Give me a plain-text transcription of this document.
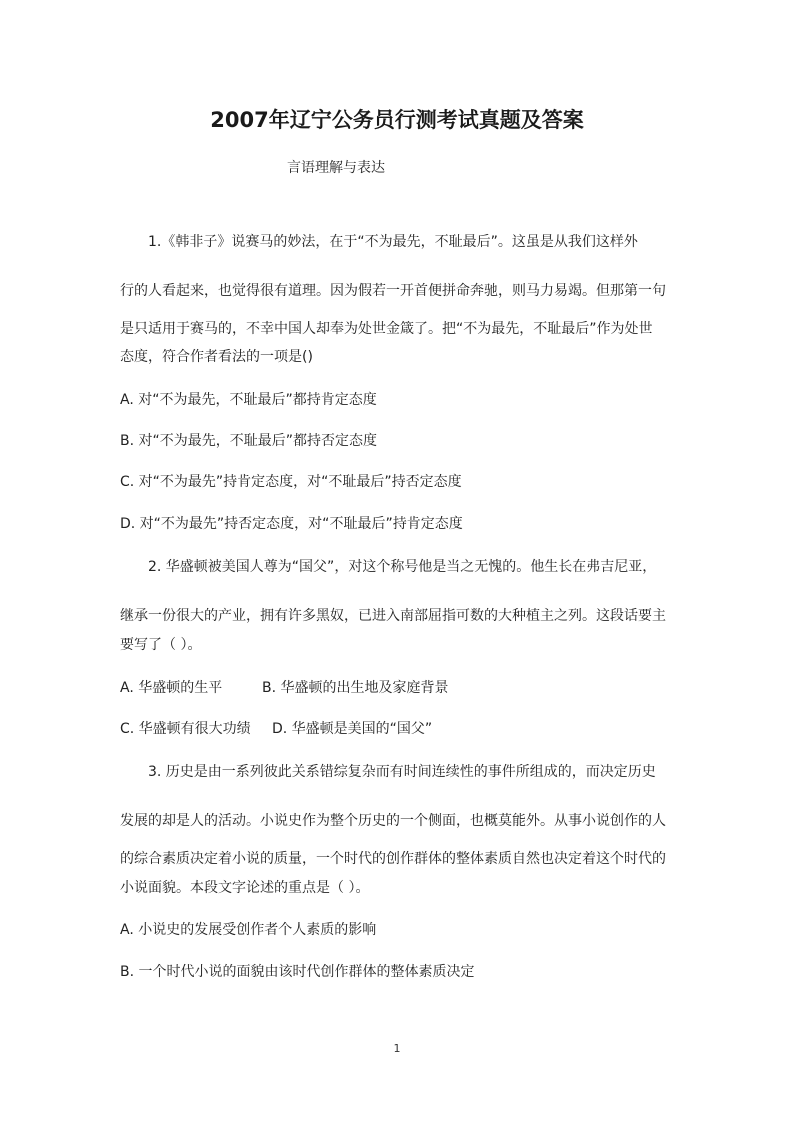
2007年辽宁公务员行测考试真题及答案
言语理解与表达
1.《韩非子》说赛马的妙法，在于“不为最先，不耻最后”。这虽是从我们这样外
行的人看起来，也觉得很有道理。因为假若一开首便拼命奔驰，则马力易竭。但那第一句
是只适用于赛马的，不幸中国人却奉为处世金箴了。把“不为最先，不耻最后”作为处世
态度，符合作者看法的一项是()
A. 对“不为最先，不耻最后”都持肯定态度
B. 对“不为最先，不耻最后”都持否定态度
C. 对“不为最先”持肯定态度，对“不耻最后”持否定态度
D. 对“不为最先”持否定态度，对“不耻最后”持肯定态度
2. 华盛顿被美国人尊为“国父”，对这个称号他是当之无愧的。他生长在弗吉尼亚，
继承一份很大的产业，拥有许多黑奴，已进入南部屈指可数的大种植主之列。这段话要主
要写了（ ）。
A. 华盛顿的生平	B. 华盛顿的出生地及家庭背景
C. 华盛顿有很大功绩 D. 华盛顿是美国的“国父”
3. 历史是由一系列彼此关系错综复杂而有时间连续性的事件所组成的，而决定历史
发展的却是人的活动。小说史作为整个历史的一个侧面，也概莫能外。从事小说创作的人
的综合素质决定着小说的质量，一个时代的创作群体的整体素质自然也决定着这个时代的
小说面貌。本段文字论述的重点是（ ）。
A. 小说史的发展受创作者个人素质的影响
B. 一个时代小说的面貌由该时代创作群体的整体素质决定
1
